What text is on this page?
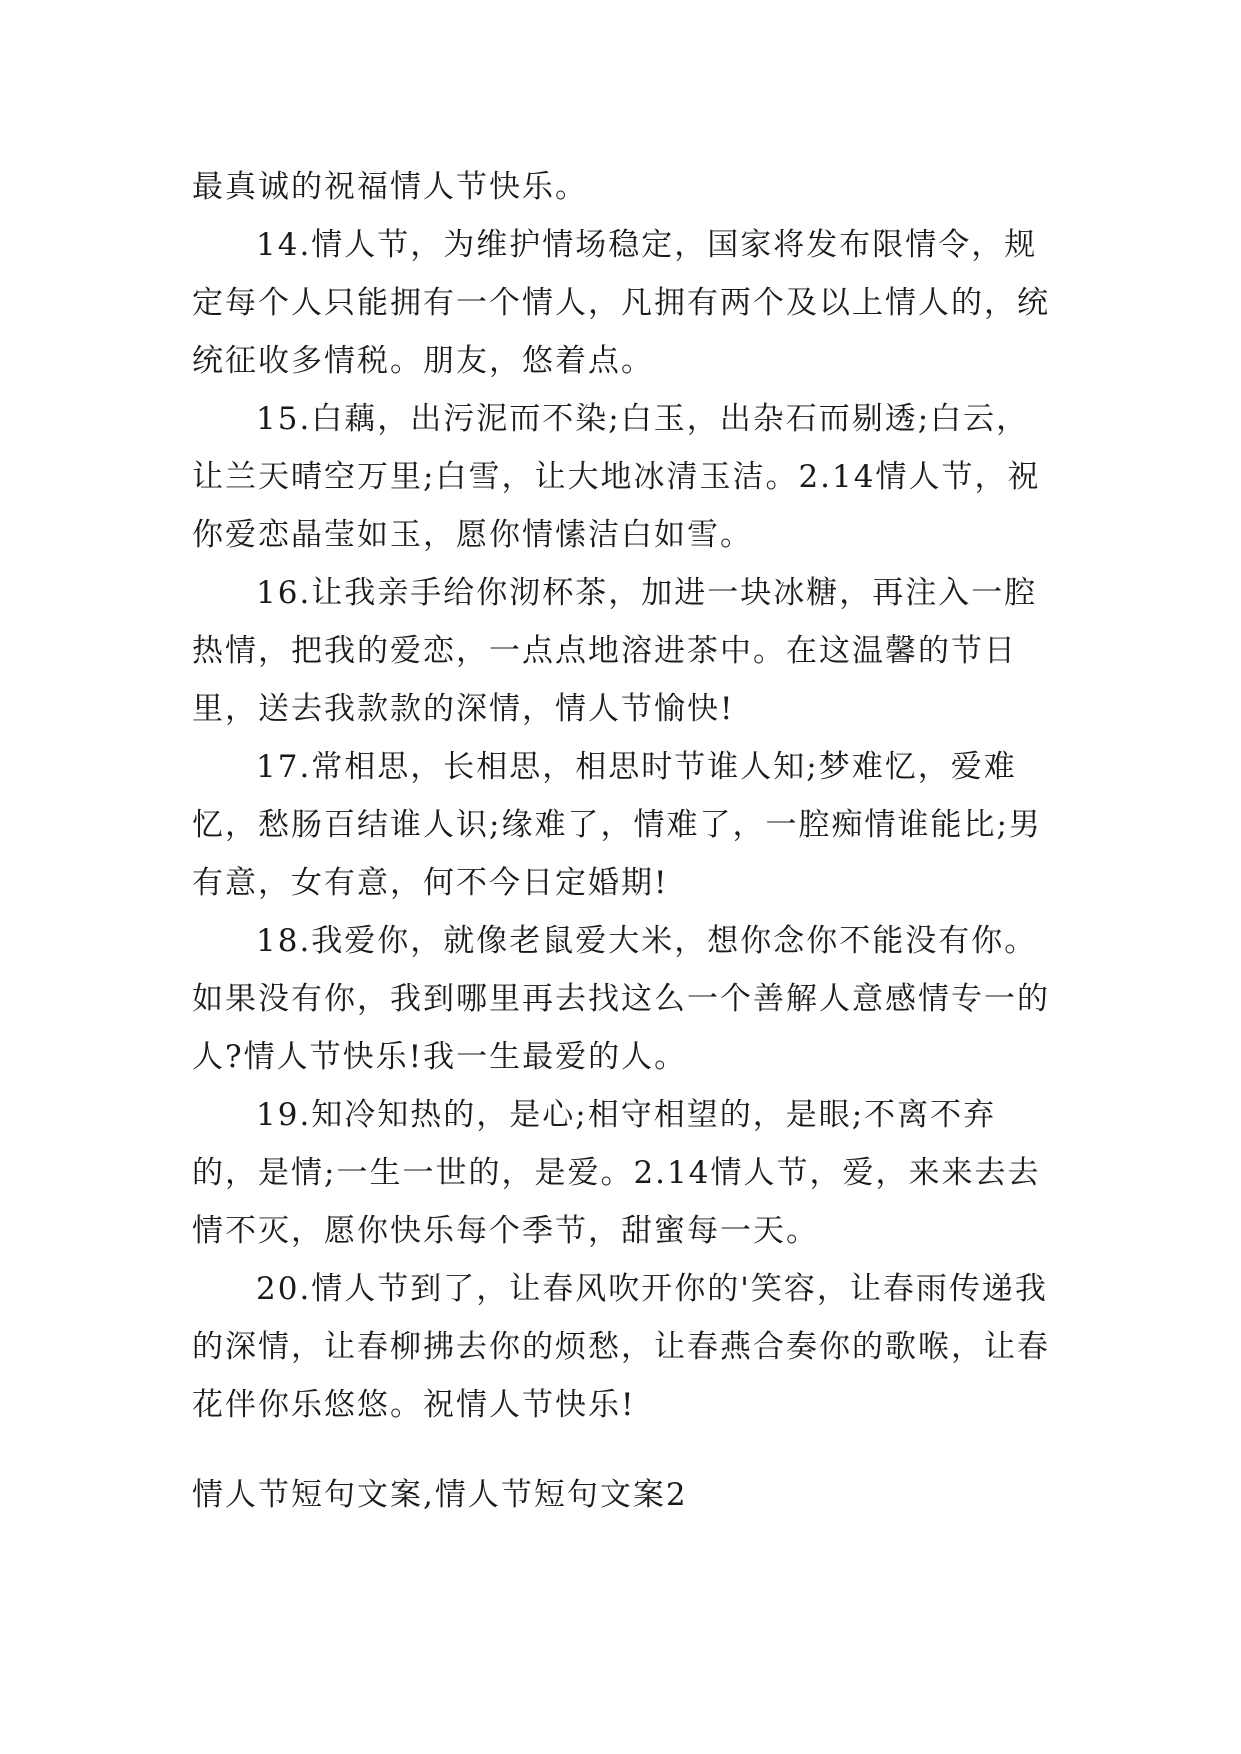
最真诚的祝福情人节快乐。

14.情人节，为维护情场稳定，国家将发布限情令，规定每个人只能拥有一个情人，凡拥有两个及以上情人的，统统征收多情税。朋友，悠着点。

15.白藕，出污泥而不染;白玉，出杂石而剔透;白云，让兰天晴空万里;白雪，让大地冰清玉洁。2.14情人节，祝你爱恋晶莹如玉，愿你情愫洁白如雪。

16.让我亲手给你沏杯茶，加进一块冰糖，再注入一腔热情，把我的爱恋，一点点地溶进茶中。在这温馨的节日里，送去我款款的深情，情人节愉快!

17.常相思，长相思，相思时节谁人知;梦难忆，爱难忆，愁肠百结谁人识;缘难了，情难了，一腔痴情谁能比;男有意，女有意，何不今日定婚期!

18.我爱你，就像老鼠爱大米，想你念你不能没有你。如果没有你，我到哪里再去找这么一个善解人意感情专一的人?情人节快乐!我一生最爱的人。

19.知冷知热的，是心;相守相望的，是眼;不离不弃的，是情;一生一世的，是爱。2.14情人节，爱，来来去去情不灭，愿你快乐每个季节，甜蜜每一天。

20.情人节到了，让春风吹开你的'笑容，让春雨传递我的深情，让春柳拂去你的烦愁，让春燕合奏你的歌喉，让春花伴你乐悠悠。祝情人节快乐!

情人节短句文案,情人节短句文案2
